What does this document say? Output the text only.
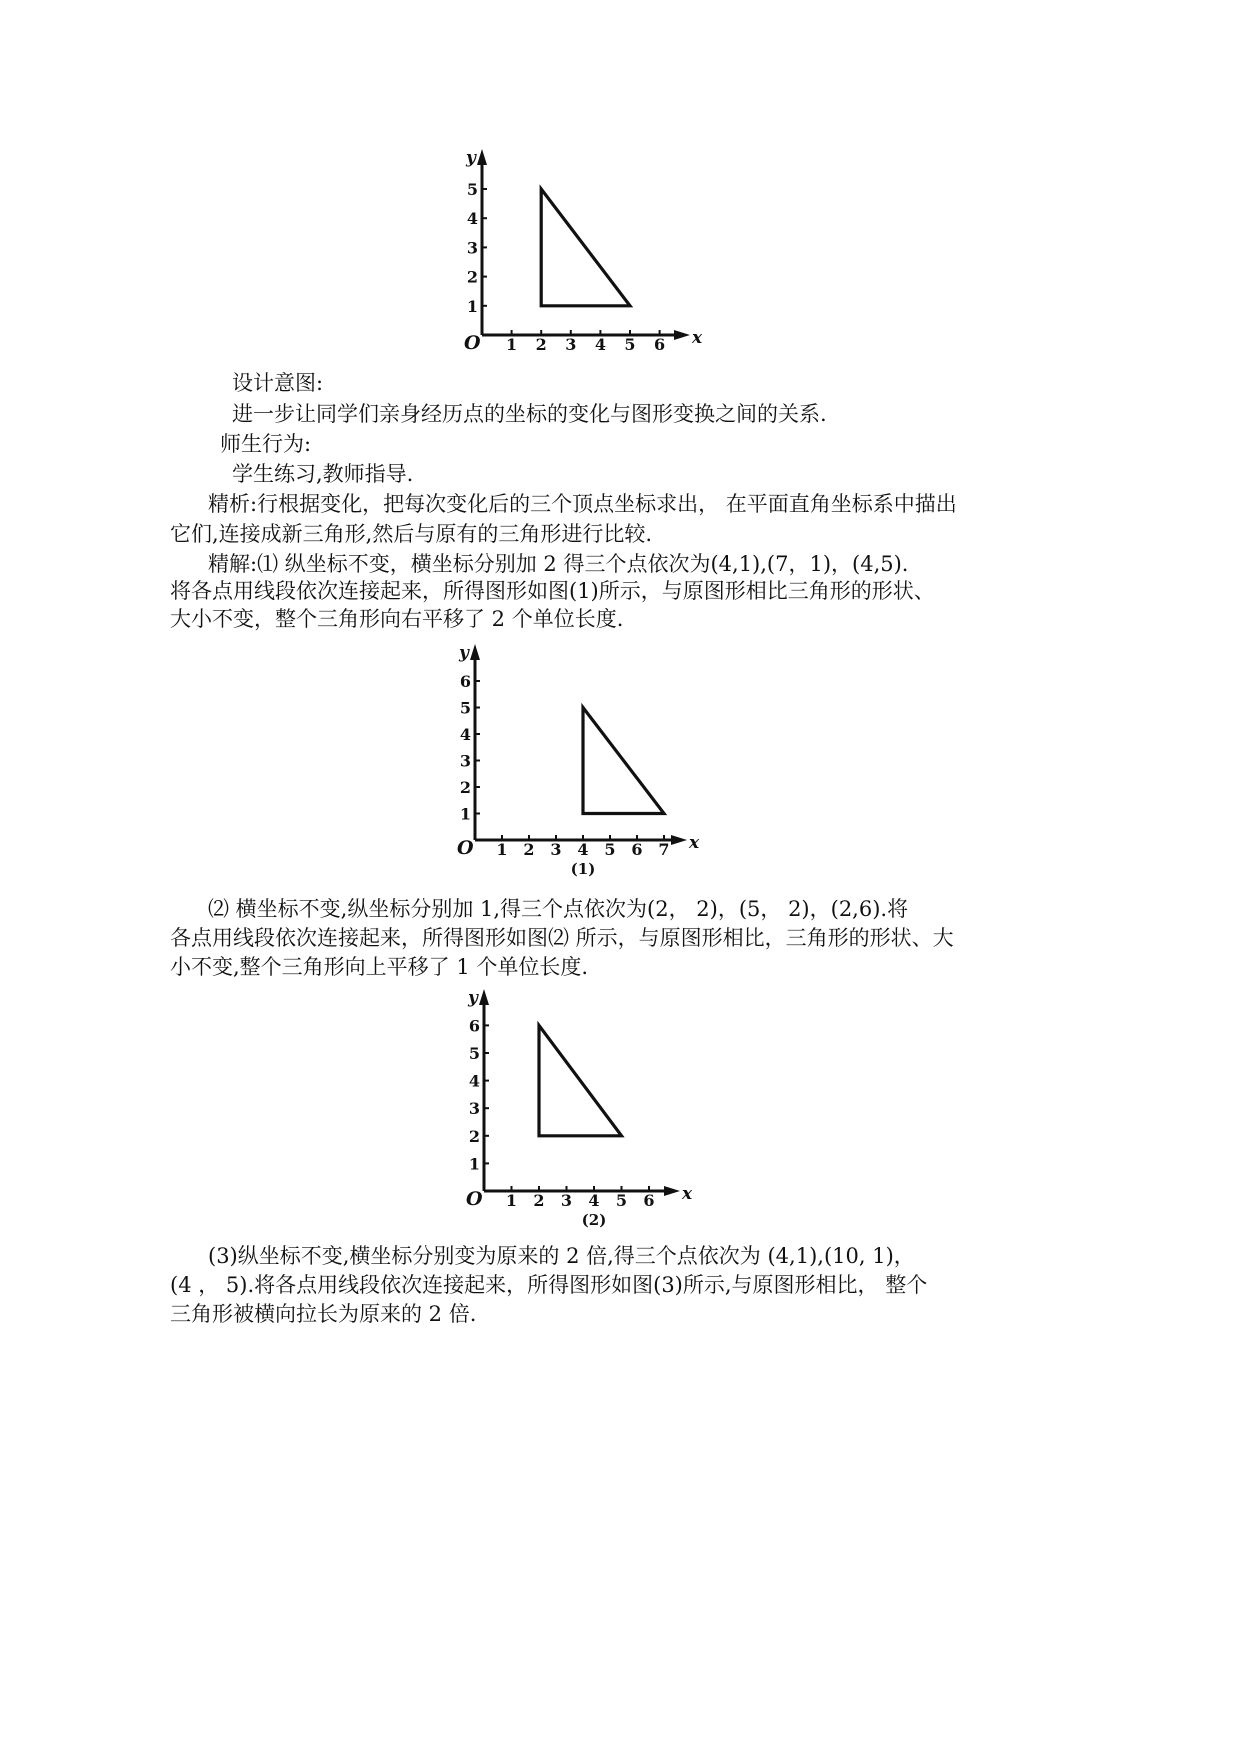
x
y
O 1 2 3 4 5 6
1
2
3
4
5
设计意图:
进一步让同学们亲身经历点的坐标的变化与图形变换之间的关系.
师生行为:
学生练习,教师指导.
精析:行根据变化，把每次变化后的三个顶点坐标求出， 在平面直角坐标系中描出
它们,连接成新三角形,然后与原有的三角形进行比较.
精解:⑴ 纵坐标不变，横坐标分别加 2 得三个点依次为(4,1),(7，1)，(4,5).
将各点用线段依次连接起来，所得图形如图(1)所示，与原图形相比三角形的形状、
大小不变，整个三角形向右平移了 2 个单位长度.
x
y
O 1 2 3 4 5 6 7
1
2
3
4
5
6
(1)
⑵ 横坐标不变,纵坐标分别加 1,得三个点依次为(2， 2)，(5， 2)，(2,6).将
各点用线段依次连接起来，所得图形如图⑵ 所示，与原图形相比，三角形的形状、大
小不变,整个三角形向上平移了 1 个单位长度.
x
y
O 1 2 3 4 5 6
1
2
3
4
5
6
(2)
(3)纵坐标不变,横坐标分别变为原来的 2 倍,得三个点依次为 (4,1),(10, 1)，
(4 ， 5).将各点用线段依次连接起来，所得图形如图(3)所示,与原图形相比， 整个
三角形被横向拉长为原来的 2 倍.
